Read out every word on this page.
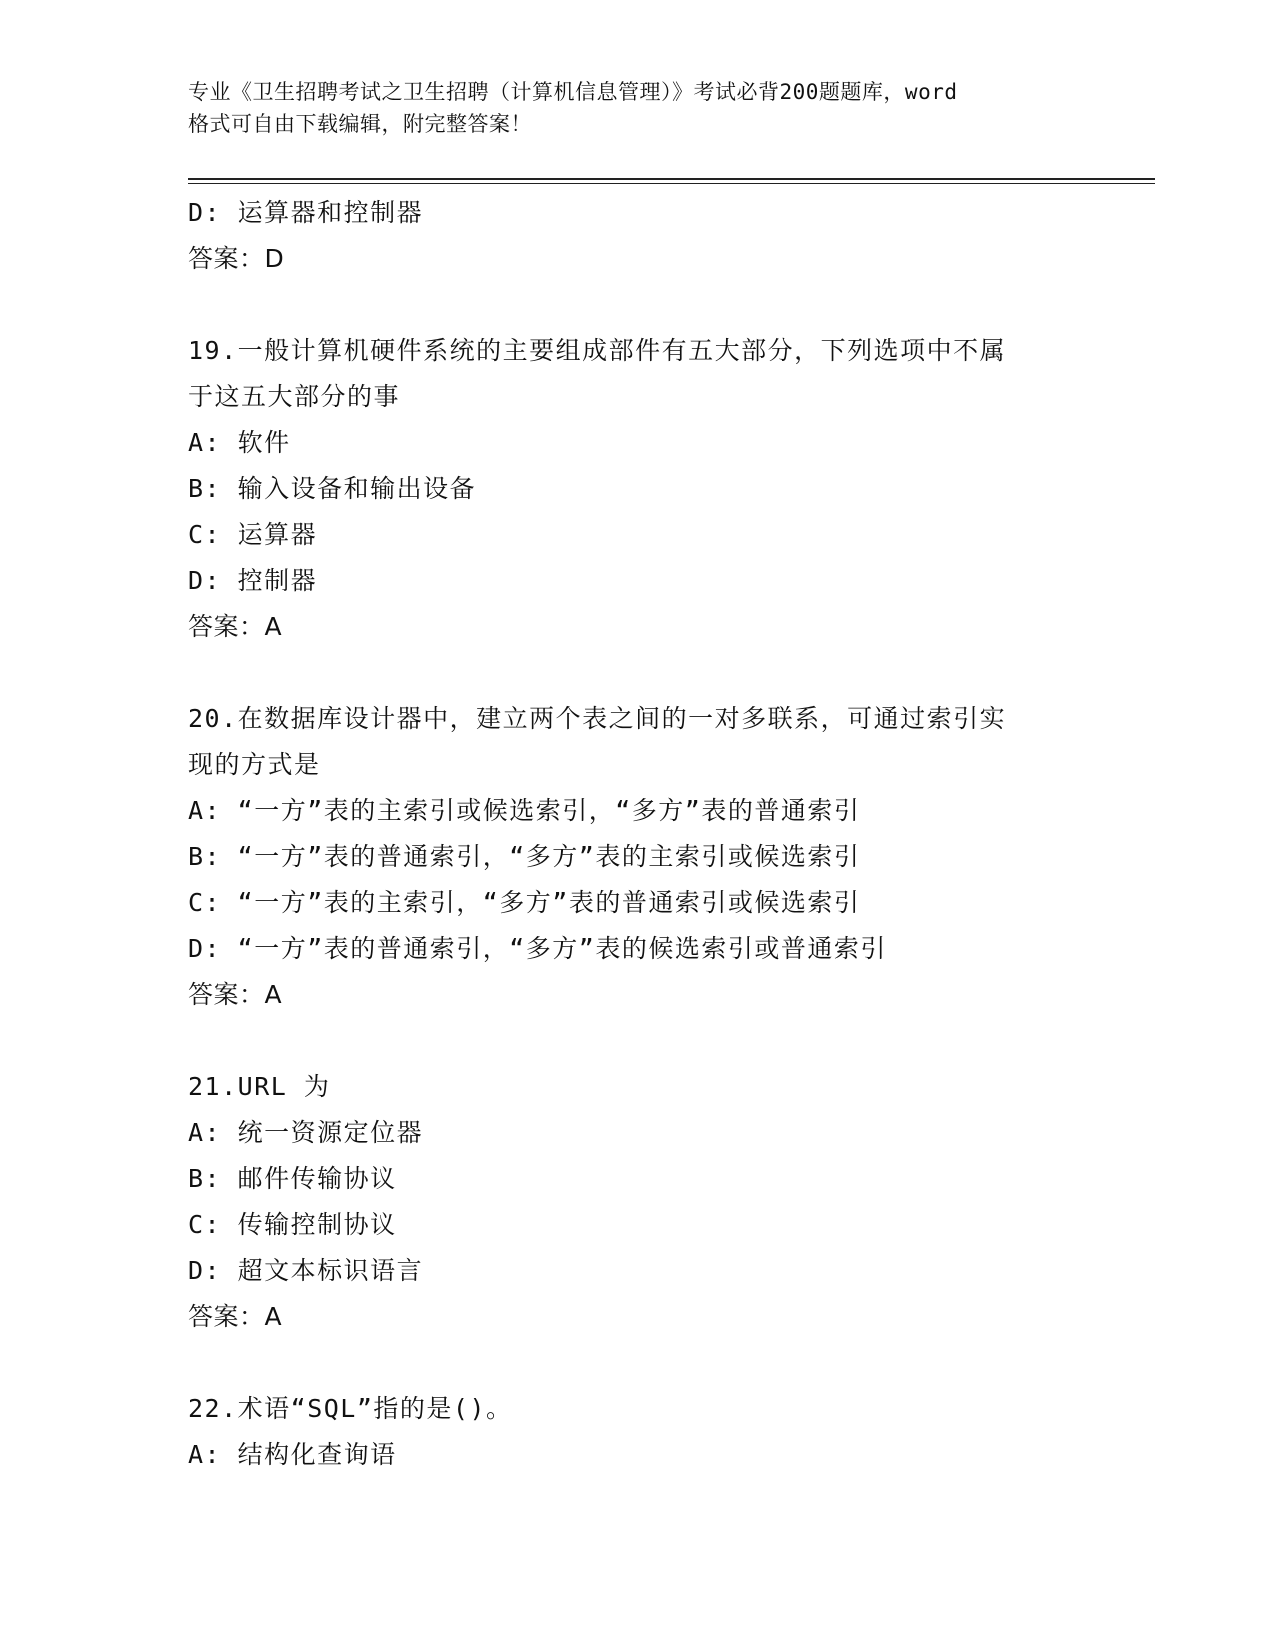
专业《卫生招聘考试之卫生招聘（计算机信息管理）》考试必背200题题库，word
格式可自由下载编辑，附完整答案！
D: 运算器和控制器
答案：D
19.一般计算机硬件系统的主要组成部件有五大部分，下列选项中不属
于这五大部分的事
A: 软件
B: 输入设备和输出设备
C: 运算器
D: 控制器
答案：A
20.在数据库设计器中，建立两个表之间的一对多联系，可通过索引实
现的方式是
A: “一方”表的主索引或候选索引，“多方”表的普通索引
B: “一方”表的普通索引，“多方”表的主索引或候选索引
C: “一方”表的主索引，“多方”表的普通索引或候选索引
D: “一方”表的普通索引，“多方”表的候选索引或普通索引
答案：A
21.URL 为
A: 统一资源定位器
B: 邮件传输协议
C: 传输控制协议
D: 超文本标识语言
答案：A
22.术语“SQL”指的是()。
A: 结构化查询语
